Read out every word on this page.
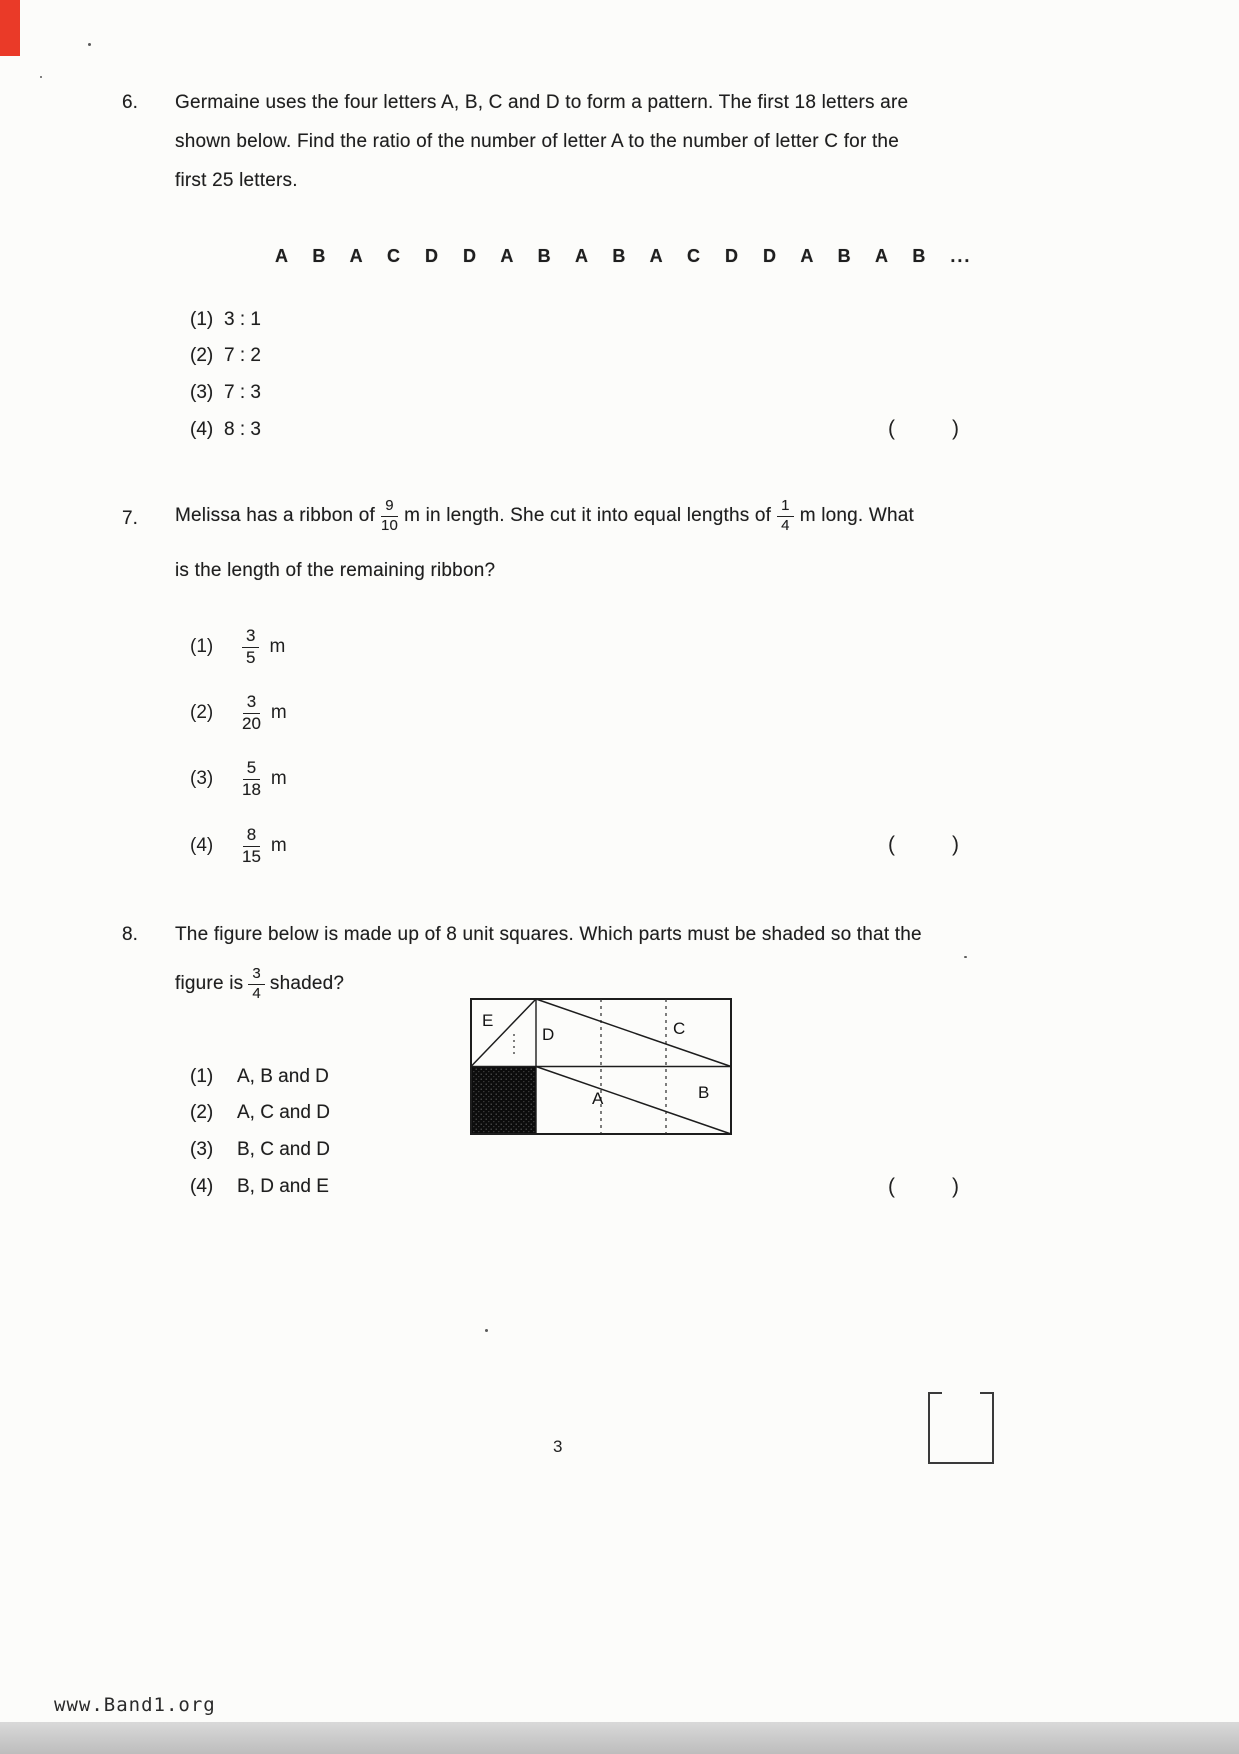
6. Germaine uses the four letters A, B, C and D to form a pattern. The first 18 letters are
shown below. Find the ratio of the number of letter A to the number of letter C for the
first 25 letters.
A B A C D D A B A B A C D D A B A B ...
(1) 3 : 1
(2) 7 : 2
(3) 7 : 3
(4) 8 : 3	(	)
7. Melissa has a ribbon of $\frac{9}{10}$ m in length. She cut it into equal lengths of $\frac{1}{4}$ m long. What
is the length of the remaining ribbon?
(1)	$\frac{3}{5}$ m
(2)	$\frac{3}{20}$ m
(3)	$\frac{5}{18}$ m
(4)	$\frac{8}{15}$ m	(	)
8. The figure below is made up of 8 unit squares. Which parts must be shaded so that the
figure is $\frac{3}{4}$ shaded?
E
D	C
A	B
(1) A, B and D
(2) A, C and D
(3) B, C and D
(4) B, D and E	(	)
3
www.Band1.org
